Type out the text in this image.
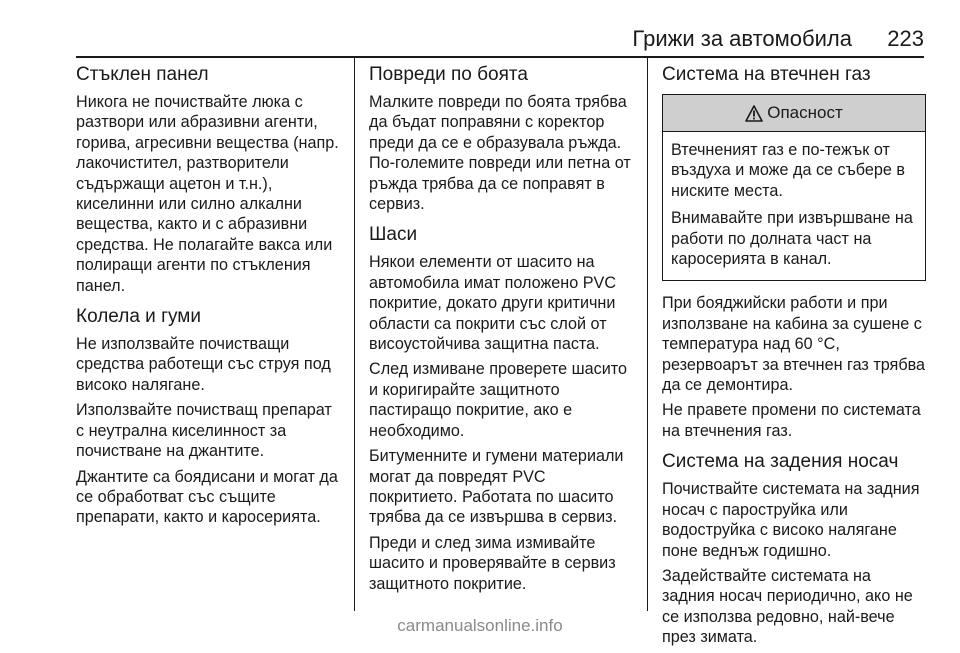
Грижи за автомобила 223
Стъклен панел

Никога не почиствайте люка с разтвори или абразивни агенти, горива, агресивни вещества (напр. лакочистител, разтворители съдържащи ацетон и т.н.), киселинни или силно алкални вещества, както и с абразивни средства. Не полагайте вакса или полиращи агенти по стъкления панел.

Колела и гуми

Не използвайте почистващи средства работещи със струя под високо налягане.

Използвайте почистващ препарат с неутрална киселинност за почистване на джантите.

Джантите са боядисани и могат да се обработват със същите препарати, както и каросерията.

Повреди по боята

Малките повреди по боята трябва да бъдат поправяни с коректор преди да се е образувала ръжда. По-големите повреди или петна от ръжда трябва да се поправят в сервиз.

Шаси

Някои елементи от шасито на автомобила имат положено PVC покритие, докато други критични области са покрити със слой от висоустойчива защитна паста.

След измиване проверете шасито и коригирайте защитното пастиращо покритие, ако е необходимо.

Битуменните и гумени материали могат да повредят PVC покритието. Работата по шасито трябва да се извършва в сервиз.

Преди и след зима измивайте шасито и проверявайте в сервиз защитното покритие.

Система на втечнен газ
Опасност

Втечненият газ е по-тежък от въздуха и може да се събере в ниските места.

Внимавайте при извършване на работи по долната част на каросерията в канал.

При бояджийски работи и при използване на кабина за сушене с температура над 60 °C, резервоарът за втечнен газ трябва да се демонтира.

Не правете промени по системата на втечнения газ.

Система на задения носач

Почиствайте системата на задния носач с пароструйка или водоструйка с високо налягане поне веднъж годишно.

Задействайте системата на задния носач периодично, ако не се използва редовно, най-вече през зимата.

carmanualsonline.info
